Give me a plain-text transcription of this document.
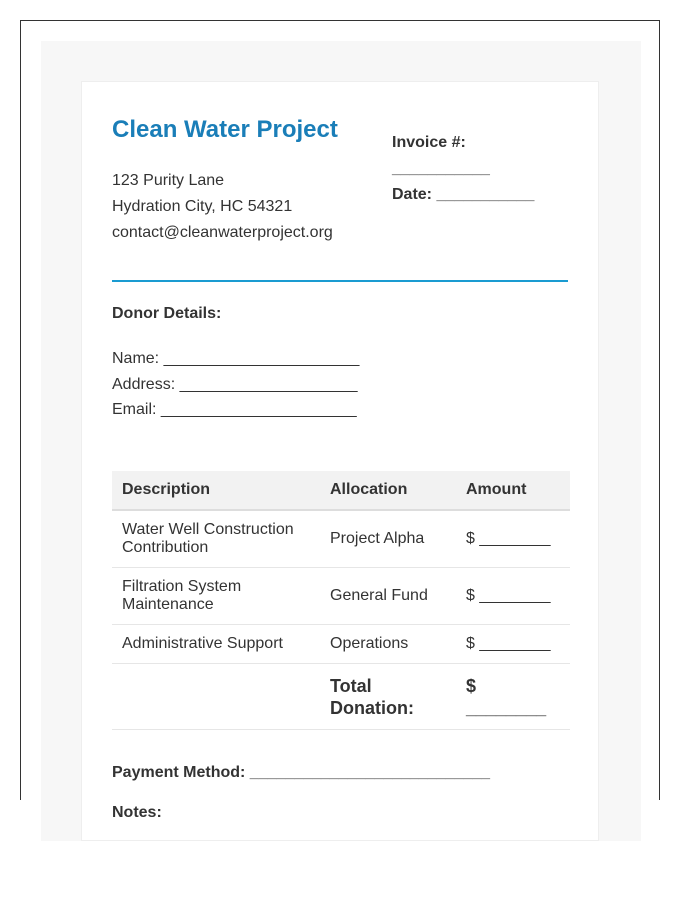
Clean Water Project
123 Purity Lane
Hydration City, HC 54321
contact@cleanwaterproject.org
Invoice #: ___________
Date: ___________
Donor Details:
Name: ______________________
Address: ____________________
Email: ______________________
Description	Allocation	Amount
Water Well Construction Contribution	Project Alpha	$ ________
Filtration System Maintenance	General Fund	$ ________
Administrative Support	Operations	$ ________
	Total Donation:	$ ________
Payment Method: ___________________________
Notes:
